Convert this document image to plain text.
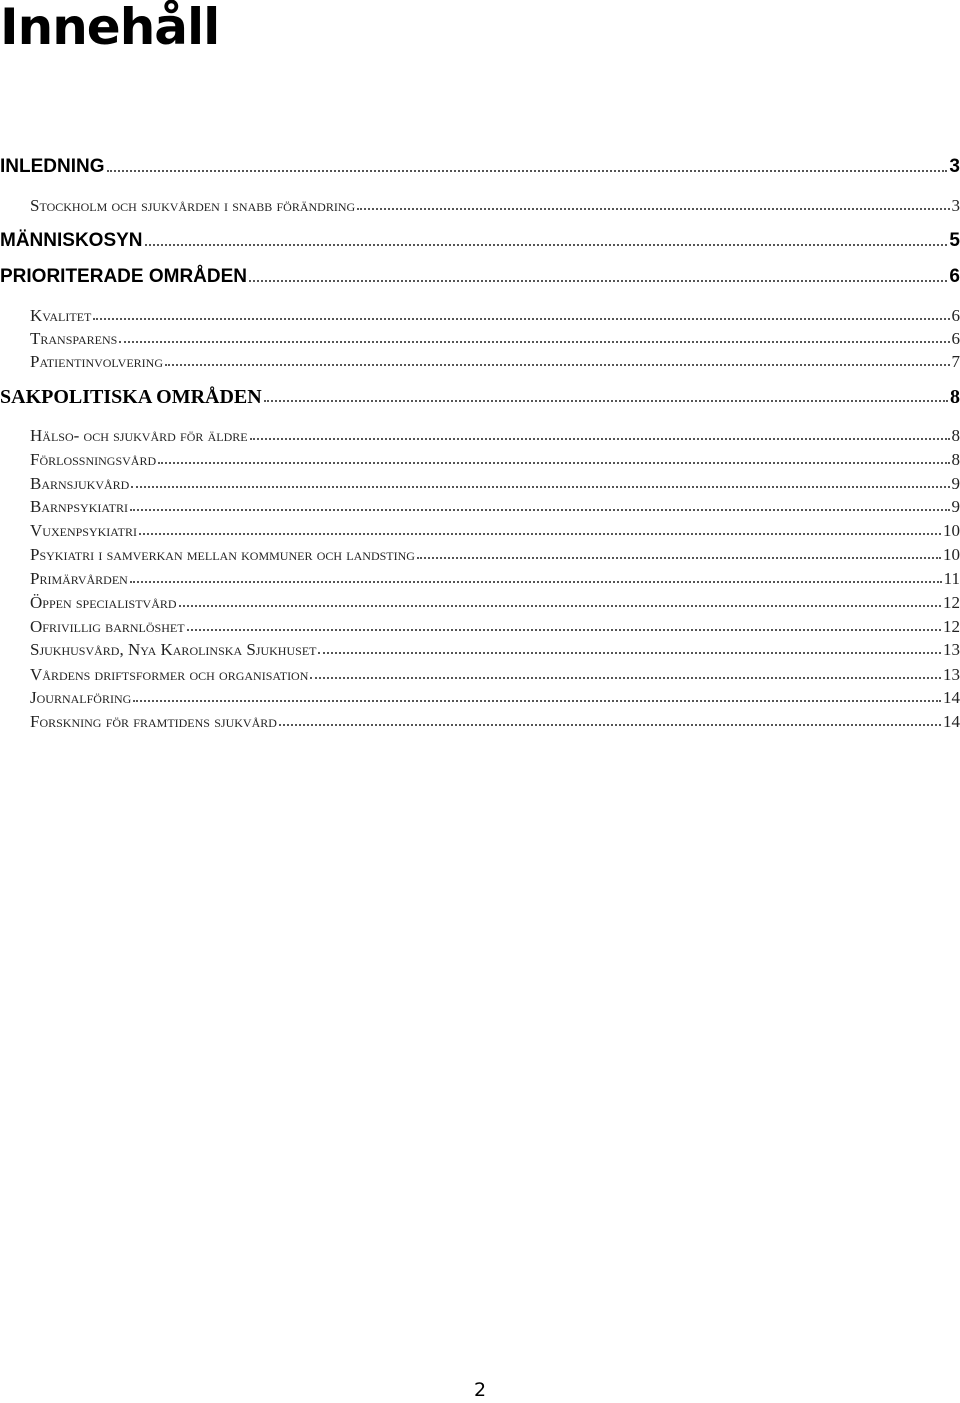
Innehåll
INLEDNING	3
Stockholm och sjukvården i snabb förändring	3
MÄNNISKOSYN	5
PRIORITERADE OMRÅDEN	6
Kvalitet	6
Transparens	6
Patientinvolvering	7
SAKPOLITISKA OMRÅDEN	8
Hälso- och sjukvård för äldre	8
Förlossningsvård	8
Barnsjukvård	9
Barnpsykiatri	9
Vuxenpsykiatri	10
Psykiatri i samverkan mellan kommuner och landsting	10
Primärvården	11
Öppen specialistvård	12
Ofrivillig barnlöshet	12
Sjukhusvård, Nya Karolinska Sjukhuset	13
Vårdens driftsformer och organisation	13
Journalföring	14
Forskning för framtidens sjukvård	14
2
